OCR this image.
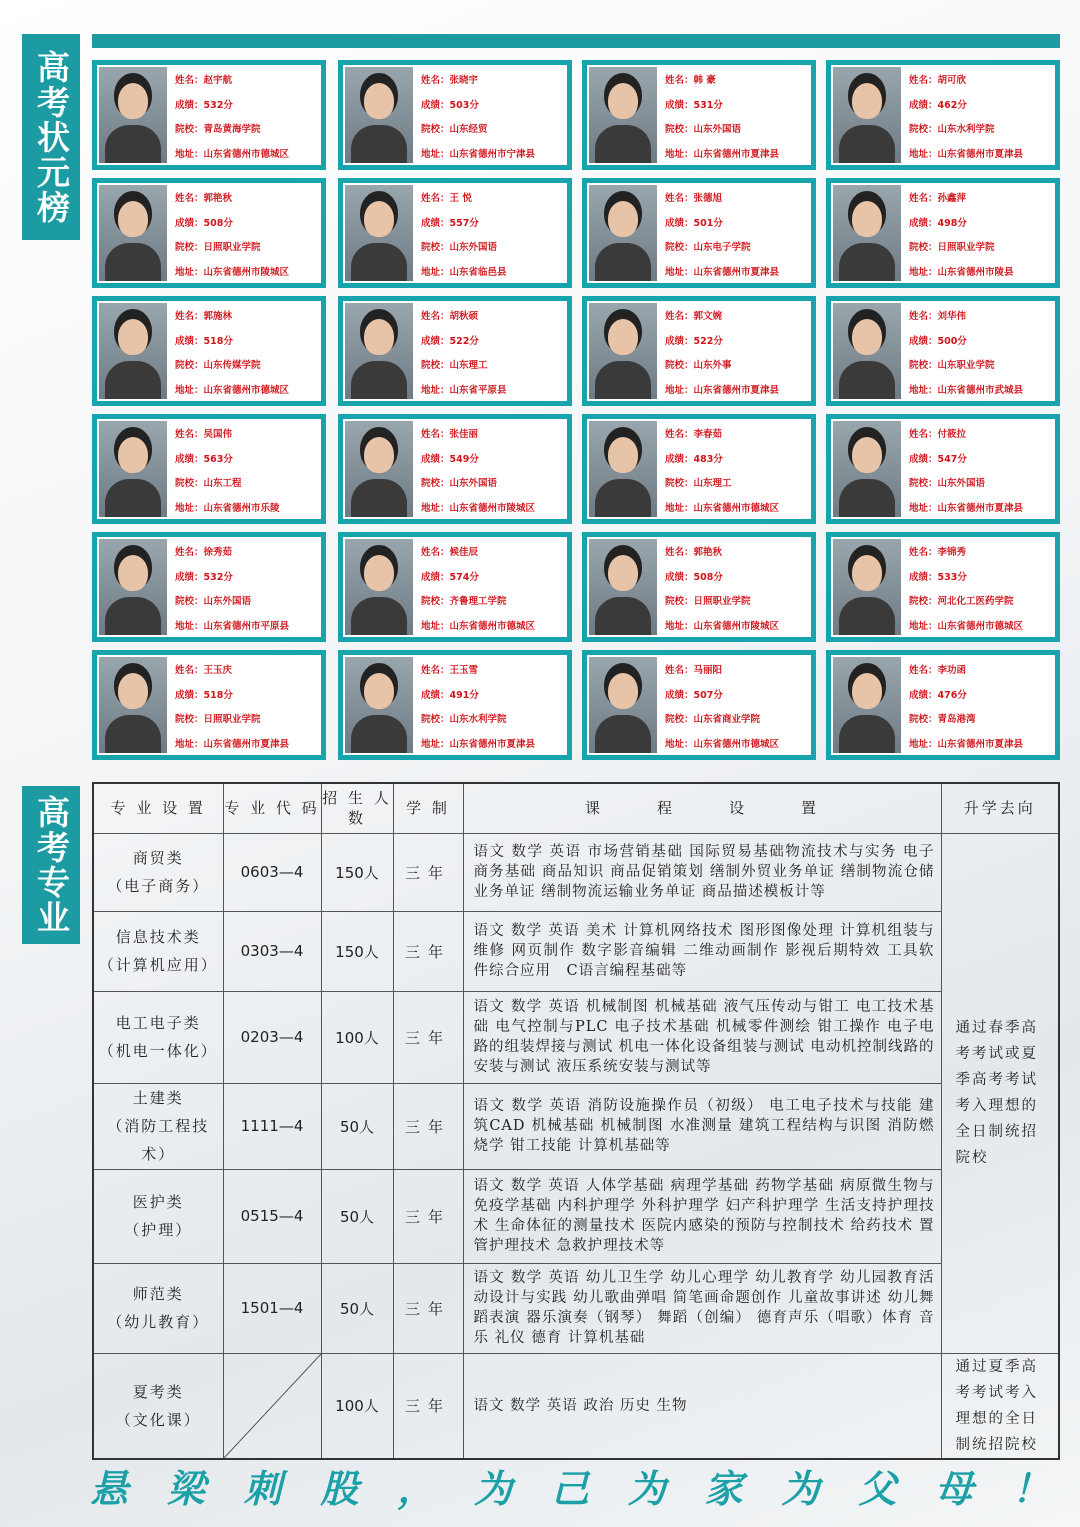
高考状元榜	姓名：赵宇航
成绩：532分
院校：青岛黄海学院
地址：山东省德州市德城区
姓名：张晓宇
成绩：503分
院校：山东经贸
地址：山东省德州市宁津县
姓名：韩 豪
成绩：531分
院校：山东外国语
地址：山东省德州市夏津县
姓名：胡可欣
成绩：462分
院校：山东水利学院
地址：山东省德州市夏津县
姓名：郭艳秋
成绩：508分
院校：日照职业学院
地址：山东省德州市陵城区
姓名：王 悦
成绩：557分
院校：山东外国语
地址：山东省临邑县
姓名：张德旭
成绩：501分
院校：山东电子学院
地址：山东省德州市夏津县
姓名：孙鑫萍
成绩：498分
院校：日照职业学院
地址：山东省德州市陵县
姓名：郭施林
成绩：518分
院校：山东传媒学院
地址：山东省德州市德城区
姓名：胡秋硕
成绩：522分
院校：山东理工
地址：山东省平原县
姓名：郭文婉
成绩：522分
院校：山东外事
地址：山东省德州市夏津县
姓名：刘华伟
成绩：500分
院校：山东职业学院
地址：山东省德州市武城县
姓名：吴国伟
成绩：563分
院校：山东工程
地址：山东省德州市乐陵
姓名：张佳丽
成绩：549分
院校：山东外国语
地址：山东省德州市陵城区
姓名：李春茹
成绩：483分
院校：山东理工
地址：山东省德州市德城区
姓名：付筱拉
成绩：547分
院校：山东外国语
地址：山东省德州市夏津县
姓名：徐秀茹
成绩：532分
院校：山东外国语
地址：山东省德州市平原县
姓名：候佳辰
成绩：574分
院校：齐鲁理工学院
地址：山东省德州市德城区
姓名：郭艳秋
成绩：508分
院校：日照职业学院
地址：山东省德州市陵城区
姓名：李锦秀
成绩：533分
院校：河北化工医药学院
地址：山东省德州市德城区
姓名：王玉庆
成绩：518分
院校：日照职业学院
地址：山东省德州市夏津县
姓名：王玉雪
成绩：491分
院校：山东水利学院
地址：山东省德州市夏津县
姓名：马丽阳
成绩：507分
院校：山东省商业学院
地址：山东省德州市德城区
姓名：李功函
成绩：476分
院校：青岛港湾
地址：山东省德州市夏津县
高考专业	专 业 设 置	专 业 代 码	招 生 人 数	学 制	课　　　程　　　设　　　置	升学去向

商贸类
（电子商务）	0603—4	150人	三年	语文 数学 英语 市场营销基础 国际贸易基础物流技术与实务 电子商务基础 商品知识 商品促销策划 缮制外贸业务单证 缮制物流仓储业务单证 缮制物流运输业务单证 商品描述模板计等	通过春季高考考试或夏季高考考试考入理想的全日制统招院校

信息技术类
（计算机应用）	0303—4	150人	三年	语文 数学 英语 美术 计算机网络技术 图形图像处理 计算机组装与维修 网页制作 数字影音编辑 二维动画制作 影视后期特效 工具软件综合应用　C语言编程基础等	

电工电子类
（机电一体化）	0203—4	100人	三年	语文 数学 英语 机械制图 机械基础 液气压传动与钳工 电工技术基础 电气控制与PLC 电子技术基础 机械零件测绘 钳工操作 电子电路的组装焊接与测试 机电一体化设备组装与测试 电动机控制线路的安装与测试 液压系统安装与测试等	

土建类
（消防工程技术）	1111—4	50人	三年	语文 数学 英语 消防设施操作员（初级） 电工电子技术与技能 建筑CAD 机械基础 机械制图 水准测量 建筑工程结构与识图 消防燃烧学 钳工技能 计算机基础等	

医护类
（护理）	0515—4	50人	三年	语文 数学 英语 人体学基础 病理学基础 药物学基础 病原微生物与免疫学基础 内科护理学 外科护理学 妇产科护理学 生活支持护理技术 生命体征的测量技术 医院内感染的预防与控制技术 给药技术 置管护理技术 急救护理技术等	

师范类
（幼儿教育）	1501—4	50人	三年	语文 数学 英语 幼儿卫生学 幼儿心理学 幼儿教育学 幼儿园教育活动设计与实践 幼儿歌曲弹唱 简笔画命题创作 儿童故事讲述 幼儿舞蹈表演 器乐演奏（钢琴） 舞蹈（创编） 德育声乐（唱歌）体育 音乐 礼仪 德育 计算机基础	

夏考类
（文化课）		100人	三年	语文 数学 英语 政治 历史 生物	通过夏季高考考试考入理想的全日制统招院校
悬 梁 刺 股 ， 为 己 为 家 为 父 母 ！
